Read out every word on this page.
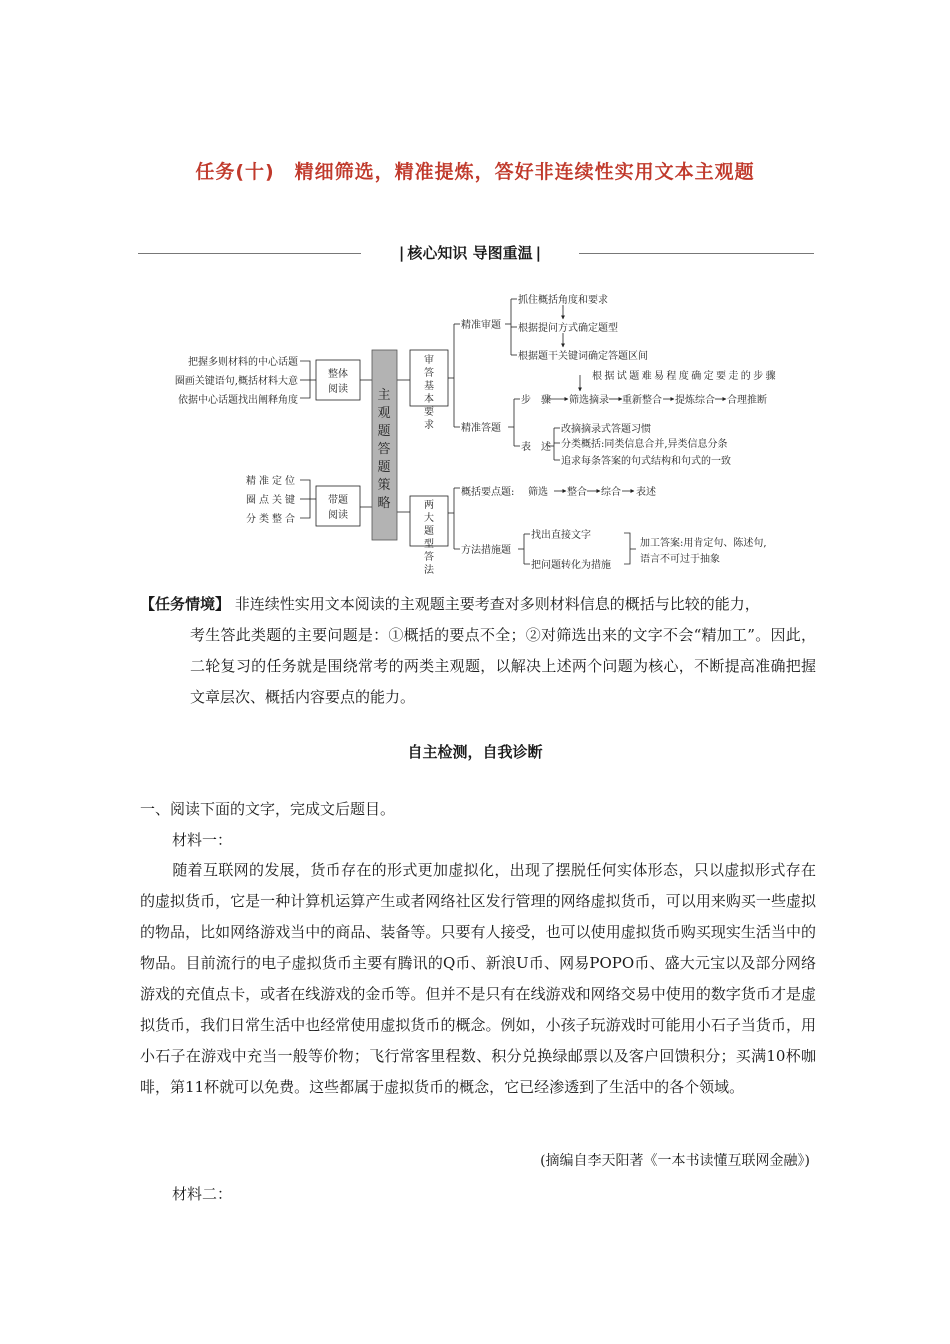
任务(十)　精细筛选，精准提炼，答好非连续性实用文本主观题
| 核心知识 导图重温 |
把握多则材料的中心话题
圈画关键语句,概括材料大意
依据中心话题找出阐释角度
整体阅读
精准定位
圈点关键
分类整合
带题阅读
主观题答题策略
审答基本要求
两大题型答法
精准审题
抓住概括角度和要求
根据提问方式确定题型
根据题干关键词确定答题区间
精准答题
根据试题难易程度确定要走的步骤
步　骤 筛选摘录 重新整合 提炼综合 合理推断
表　述
改摘摘录式答题习惯
分类概括:同类信息合并,异类信息分条
追求每条答案的句式结构和句式的一致
概括要点题: 筛选 整合 综合 表述
方法措施题
找出直接文字
把问题转化为措施
加工答案:用肯定句、陈述句,
语言不可过于抽象
【任务情境】 非连续性实用文本阅读的主观题主要考查对多则材料信息的概括与比较的能力，
考生答此类题的主要问题是：①概括的要点不全；②对筛选出来的文字不会“精加工”。因此，二轮复习的任务就是围绕常考的两类主观题，以解决上述两个问题为核心，不断提高准确把握文章层次、概括内容要点的能力。
自主检测，自我诊断
一、阅读下面的文字，完成文后题目。
材料一：
随着互联网的发展，货币存在的形式更加虚拟化，出现了摆脱任何实体形态，只以虚拟形式存在的虚拟货币，它是一种计算机运算产生或者网络社区发行管理的网络虚拟货币，可以用来购买一些虚拟的物品，比如网络游戏当中的商品、装备等。只要有人接受，也可以使用虚拟货币购买现实生活当中的物品。目前流行的电子虚拟货币主要有腾讯的Q币、新浪U币、网易POPO币、盛大元宝以及部分网络游戏的充值点卡，或者在线游戏的金币等。但并不是只有在线游戏和网络交易中使用的数字货币才是虚拟货币，我们日常生活中也经常使用虚拟货币的概念。例如，小孩子玩游戏时可能用小石子当货币，用小石子在游戏中充当一般等价物；飞行常客里程数、积分兑换绿邮票以及客户回馈积分；买满10杯咖啡，第11杯就可以免费。这些都属于虚拟货币的概念，它已经渗透到了生活中的各个领域。
(摘编自李天阳著《一本书读懂互联网金融》)
材料二：
